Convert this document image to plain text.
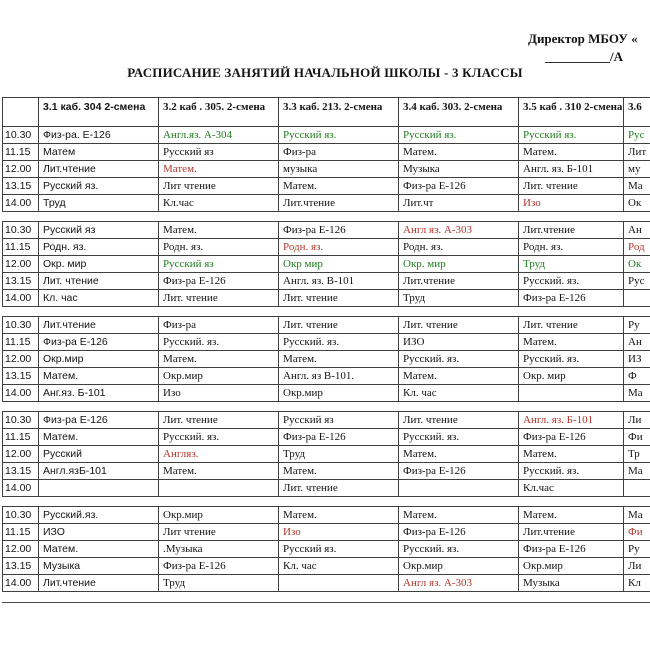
Директор МБОУ «
__________/А
РАСПИСАНИЕ ЗАНЯТИЙ НАЧАЛЬНОЙ ШКОЛЫ - 3 КЛАССЫ
	3.1 каб. 304 2-смена	3.2 каб . 305. 2-смена	3.3 каб. 213. 2-смена	3.4 каб. 303. 2-смена	3.5 каб . 310 2-смена	3.6
10.30	Физ-ра. Е-126	Англ.яз. А-304	Русский яз.	Русский яз.	Русский яз.	Рус
11.15	Матем	Русский яз	Физ-ра	Матем.	Матем.	Лит
12.00	Лит.чтение	Матем.	музыка	Музыка	Англ. яз. Б-101	му
13.15	Русский яз.	Лит чтение	Матем.	Физ-ра Е-126	Лит. чтение	Ма
14.00	Труд	Кл.час	Лит.чтение	Лит.чт	Изо	Ок
10.30	Русский яз	Матем.	Физ-ра Е-126	Англ яз. А-303	Лит.чтение	Ан
11.15	Родн. яз.	Родн. яз.	Родн. яз.	Родн. яз.	Родн. яз.	Род
12.00	Окр. мир	Русский яз	Окр мир	Окр. мир	Труд	Ок
13.15	Лит. чтение	Физ-ра Е-126	Англ. яз. В-101	Лит.чтение	Русский. яз.	Рус
14.00	Кл. час	Лит. чтение	Лит. чтение	Труд	Физ-ра Е-126	
10.30	Лит.чтение	Физ-ра	Лит. чтение	Лит. чтение	Лит. чтение	Ру
11.15	Физ-ра Е-126	Русский. яз.	Русский. яз.	ИЗО	Матем.	Ан
12.00	Окр.мир	Матем.	Матем.	Русский. яз.	Русский. яз.	ИЗ
13.15	Матем.	Окр.мир	Англ. яз В-101.	Матем.	Окр. мир	Ф
14.00	Анг.яз. Б-101	Изо	Окр.мир	Кл. час		Ма
10.30	Физ-ра Е-126	Лит. чтение	Русский яз	Лит. чтение	Англ. яз. Б-101	Ли
11.15	Матем.	Русский. яз.	Физ-ра Е-126	Русский. яз.	Физ-ра Е-126	Фи
12.00	Русский	Англяз.	Труд	Матем.	Матем.	Тр
13.15	Англ.язБ-101	Матем.	Матем.	Физ-ра Е-126	Русский. яз.	Ма
14.00			Лит. чтение		Кл.час	
10.30	Русский.яз.	Окр.мир	Матем.	Матем.	Матем.	Ма
11.15	ИЗО	Лит чтение	Изо	Физ-ра Е-126	Лит.чтение	Фи
12.00	Матем.	.Музыка	Русский яз.	Русский. яз.	Физ-ра Е-126	Ру
13.15	Музыка	Физ-ра Е-126	Кл. час	Окр.мир	Окр.мир	Ли
14.00	Лит.чтение	Труд		Англ яз. А-303	Музыка	Кл
